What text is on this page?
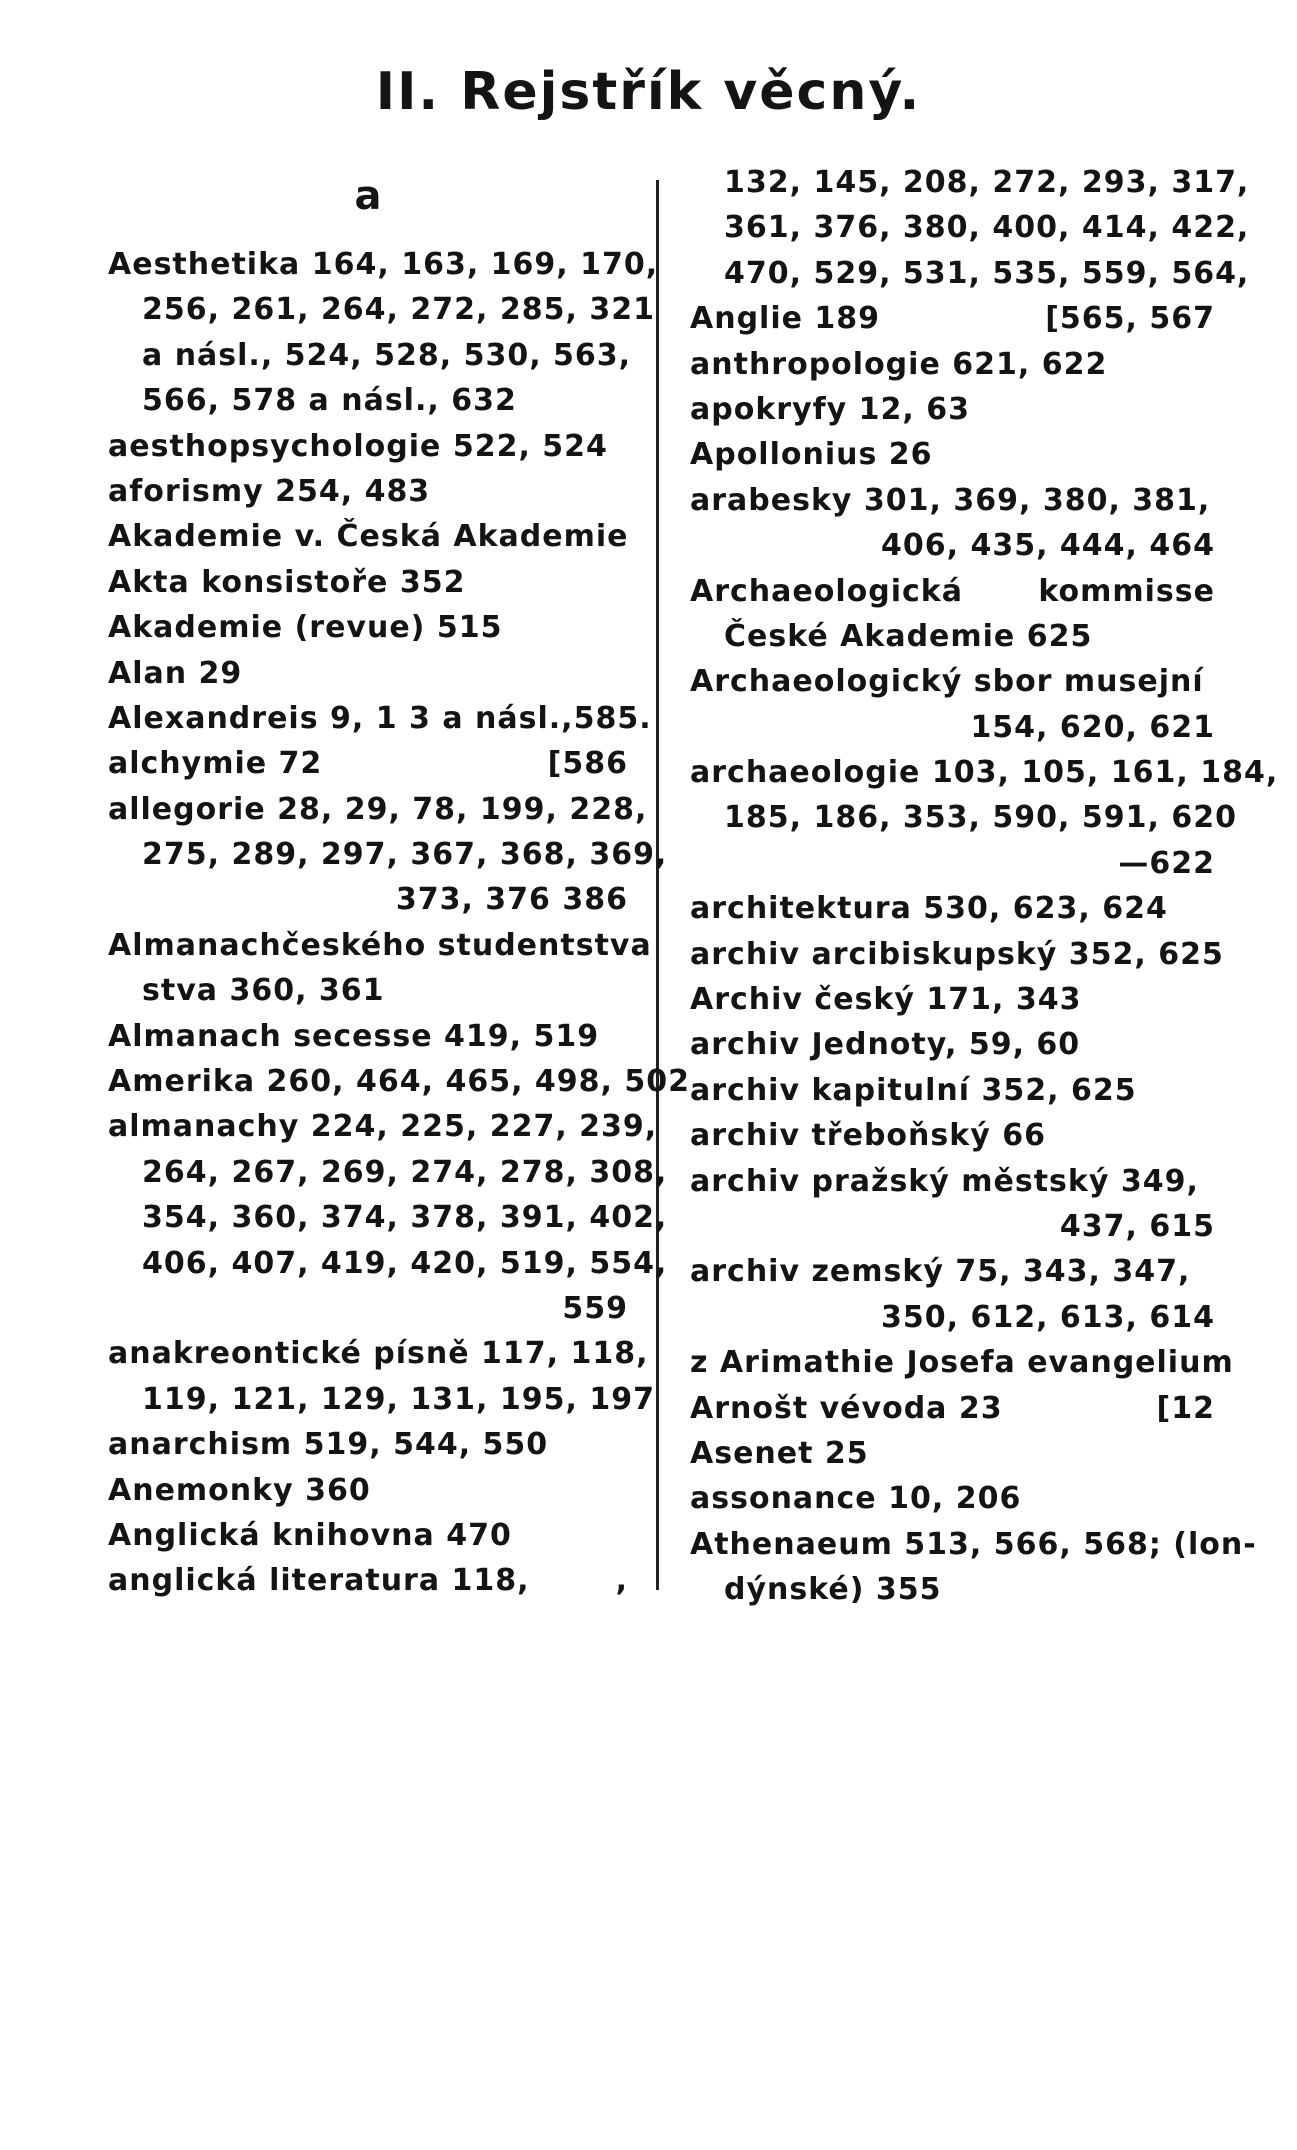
II. Rejstřík věcný.
a
Aesthetika 164, 163, 169, 170,
256, 261, 264, 272, 285, 321
a násl., 524, 528, 530, 563,
566, 578 a násl., 632
aesthopsychologie 522, 524
aforismy 254, 483
Akademie v. Česká Akademie
Akta konsistoře 352
Akademie (revue) 515
Alan 29
Alexandreis 9, 1 3 a násl.,585.
alchymie 72	[586
allegorie 28, 29, 78, 199, 228,
275, 289, 297, 367, 368, 369,
373, 376 386
Almanach českého studentstva
stva 360, 361
Almanach secesse 419, 519
Amerika 260, 464, 465, 498, 502
almanachy 224, 225, 227, 239,
264, 267, 269, 274, 278, 308,
354, 360, 374, 378, 391, 402,
406, 407, 419, 420, 519, 554,
559
anakreontické písně 117, 118,
119, 121, 129, 131, 195, 197
anarchism 519, 544, 550
Anemonky 360
Anglická knihovna 470
anglická literatura 118,	,
132, 145, 208, 272, 293, 317,
361, 376, 380, 400, 414, 422,
470, 529, 531, 535, 559, 564,
Anglie 189	[565, 567
anthropologie 621, 622
apokryfy 12, 63
Apollonius 26
arabesky 301, 369, 380, 381,
406, 435, 444, 464
Archaeologická	kommisse
České Akademie 625
Archaeologický sbor musejní
154, 620, 621
archaeologie 103, 105, 161, 184,
185, 186, 353, 590, 591, 620
—622
architektura 530, 623, 624
archiv arcibiskupský 352, 625
Archiv český 171, 343
archiv Jednoty, 59, 60
archiv kapitulní 352, 625
archiv třeboňský 66
archiv pražský městský 349,
437, 615
archiv zemský 75, 343, 347,
350, 612, 613, 614
z Arimathie Josefa evangelium
Arnošt vévoda 23	[12
Asenet 25
assonance 10, 206
Athenaeum 513, 566, 568; (lon-
dýnské) 355
